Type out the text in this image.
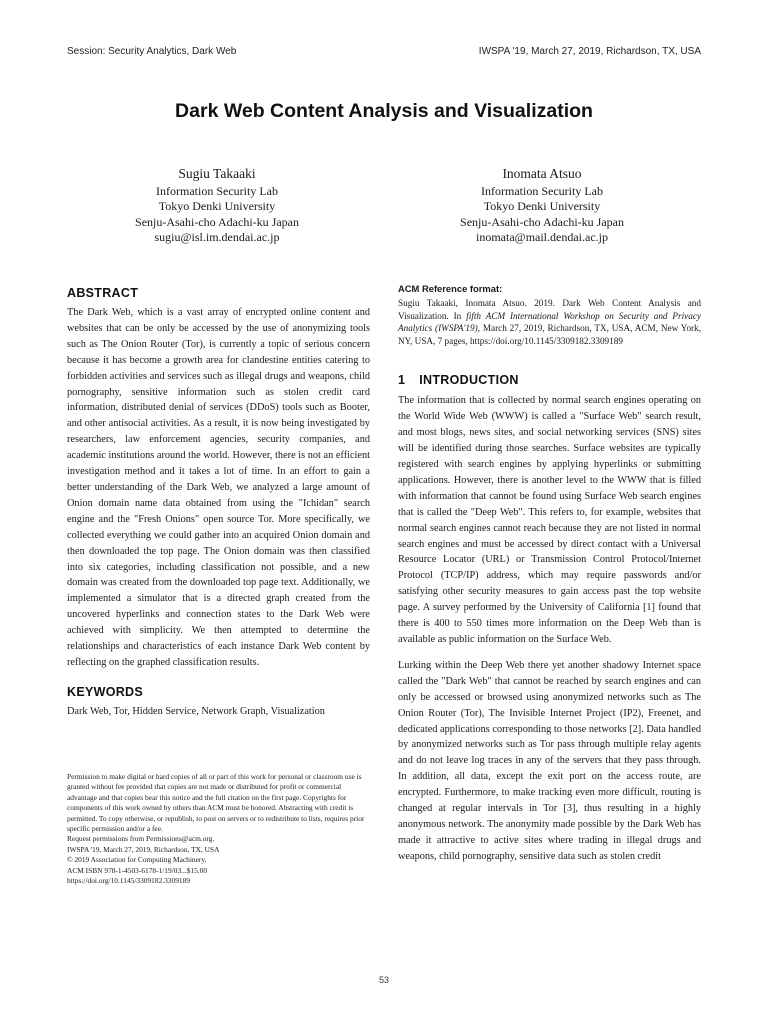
Session: Security Analytics, Dark Web	IWSPA '19, March 27, 2019, Richardson, TX, USA
Dark Web Content Analysis and Visualization
Sugiu Takaaki
Information Security Lab
Tokyo Denki University
Senju-Asahi-cho Adachi-ku Japan
sugiu@isl.im.dendai.ac.jp
Inomata Atsuo
Information Security Lab
Tokyo Denki University
Senju-Asahi-cho Adachi-ku Japan
inomata@mail.dendai.ac.jp
ABSTRACT

The Dark Web, which is a vast array of encrypted online content and websites that can be only be accessed by the use of anonymizing tools such as The Onion Router (Tor), is currently a topic of serious concern because it has become a growth area for clandestine entities catering to forbidden activities and services such as illegal drugs and weapons, child pornography, sensitive information such as stolen credit card information, distributed denial of services (DDoS) tools such as Booter, and other antisocial activities. As a result, it is now being investigated by researchers, law enforcement agencies, security companies, and academic institutions around the world. However, there is not an efficient investigation method and it takes a lot of time. In an effort to gain a better understanding of the Dark Web, we analyzed a large amount of Onion domain name data obtained from using the "Ichidan" search engine and the "Fresh Onions" open source Tor. More specifically, we collected everything we could gather into an acquired Onion domain and then downloaded the top page. The Onion domain was then classified into six categories, including classification not possible, and a new domain was created from the downloaded top page text. Additionally, we implemented a simulator that is a directed graph created from the uncovered hyperlinks and connection states to the Dark Web were achieved with simplicity. We then attempted to determine the relationships and characteristics of each instance Dark Web content by reflecting on the graphed classification results.

KEYWORDS

Dark Web, Tor, Hidden Service, Network Graph, Visualization

Permission to make digital or hard copies of all or part of this work for personal or classroom use is granted without fee provided that copies are not made or distributed for profit or commercial advantage and that copies bear this notice and the full citation on the first page. Copyrights for components of this work owned by others than ACM must be honored. Abstracting with credit is permitted. To copy otherwise, or republish, to post on servers or to redistribute to lists, requires prior specific permission and/or a fee.

Request permissions from Permissions@acm.org.

IWSPA '19, March 27, 2019, Richardson, TX, USA

© 2019 Association for Computing Machinery.

ACM ISBN 978-1-4503-6178-1/19/03...$15.00

https://doi.org/10.1145/3309182.3309189

ACM Reference format:

Sugiu Takaaki, Inomata Atsuo. 2019. Dark Web Content Analysis and Visualization. In fifth ACM International Workshop on Security and Privacy Analytics (IWSPA'19), March 27, 2019, Richardson, TX, USA, ACM, New York, NY, USA, 7 pages, https://doi.org/10.1145/3309182.3309189

1 INTRODUCTION

The information that is collected by normal search engines operating on the World Wide Web (WWW) is called a "Surface Web" search result, and most blogs, news sites, and social networking services (SNS) sites will be identified during those searches. Surface websites are typically registered with search engines by applying hyperlinks or submitting applications. However, there is another level to the WWW that is filled with information that cannot be found using Surface Web search engines that is called the "Deep Web". This refers to, for example, websites that normal search engines cannot reach because they are not listed in normal search engines and must be accessed by direct contact with a Universal Resource Locator (URL) or Transmission Control Protocol/Internet Protocol (TCP/IP) address, which may require passwords and/or satisfying other security measures to gain access past the top website page. A survey performed by the University of California [1] found that there is 400 to 550 times more information on the Deep Web than is available as public information on the Surface Web.

Lurking within the Deep Web there yet another shadowy Internet space called the "Dark Web" that cannot be reached by search engines and can only be accessed or browsed using anonymized networks such as The Onion Router (Tor), The Invisible Internet Project (IP2), Freenet, and dedicated applications corresponding to those networks [2]. Data handled by anonymized networks such as Tor pass through multiple relay agents and do not leave log traces in any of the servers that they pass through. In addition, all data, except the exit port on the access route, are encrypted. Furthermore, to make tracking even more difficult, routing is changed at regular intervals in Tor [3], thus resulting in a highly anonymous network. The anonymity made possible by the Dark Web has made it attractive to active sites where trading in illegal drugs and weapons, child pornography, sensitive data such as stolen credit

53
